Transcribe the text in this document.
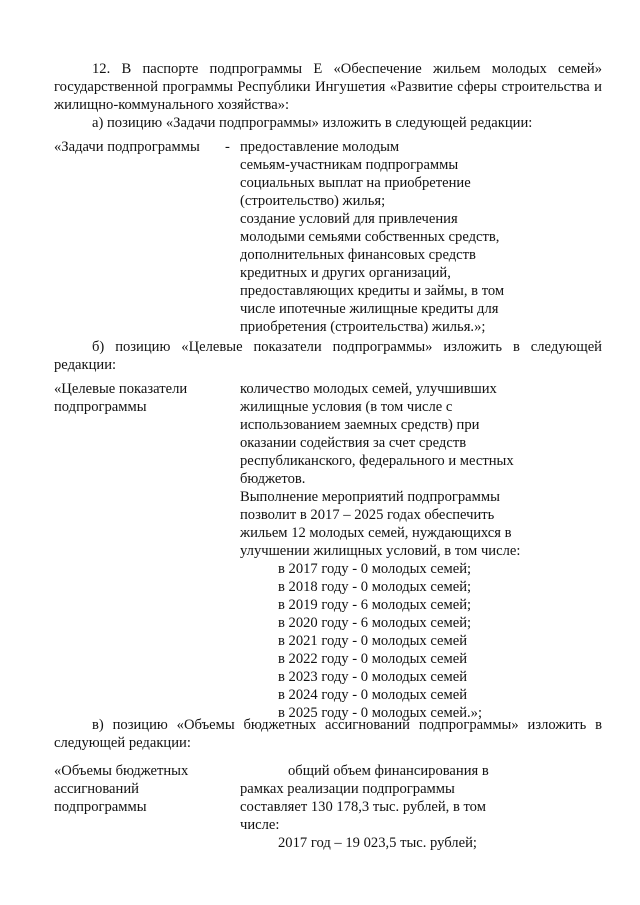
12. В паспорте подпрограммы Е «Обеспечение жильем молодых семей» государственной программы Республики Ингушетия «Развитие сферы строительства и жилищно-коммунального хозяйства»:

а) позицию «Задачи подпрограммы» изложить в следующей редакции:

«Задачи подпрограммы	- предоставление молодым
семьям-участникам подпрограммы
социальных выплат на приобретение
(строительство) жилья;
создание условий для привлечения
молодыми семьями собственных средств,
дополнительных финансовых средств
кредитных и других организаций,
предоставляющих кредиты и займы, в том
числе ипотечные жилищные кредиты для
приобретения (строительства) жилья.»;

б) позицию «Целевые показатели подпрограммы» изложить в следующей редакции:

«Целевые показатели
подпрограммы
количество молодых семей, улучшивших
жилищные условия (в том числе с
использованием заемных средств) при
оказании содействия за счет средств
республиканского, федерального и местных
бюджетов.
Выполнение мероприятий подпрограммы
позволит в 2017 – 2025 годах обеспечить
жильем 12 молодых семей, нуждающихся в
улучшении жилищных условий, в том числе:
в 2017 году - 0 молодых семей;
в 2018 году - 0 молодых семей;
в 2019 году - 6 молодых семей;
в 2020 году - 6 молодых семей;
в 2021 году - 0 молодых семей
в 2022 году - 0 молодых семей
в 2023 году - 0 молодых семей
в 2024 году - 0 молодых семей
в 2025 году - 0 молодых семей.»;

в) позицию «Объемы бюджетных ассигнований подпрограммы» изложить в следующей редакции:

«Объемы бюджетных
ассигнований
подпрограммы
общий объем финансирования в
рамках реализации подпрограммы
составляет 130 178,3 тыс. рублей, в том
числе:
2017 год – 19 023,5 тыс. рублей;
